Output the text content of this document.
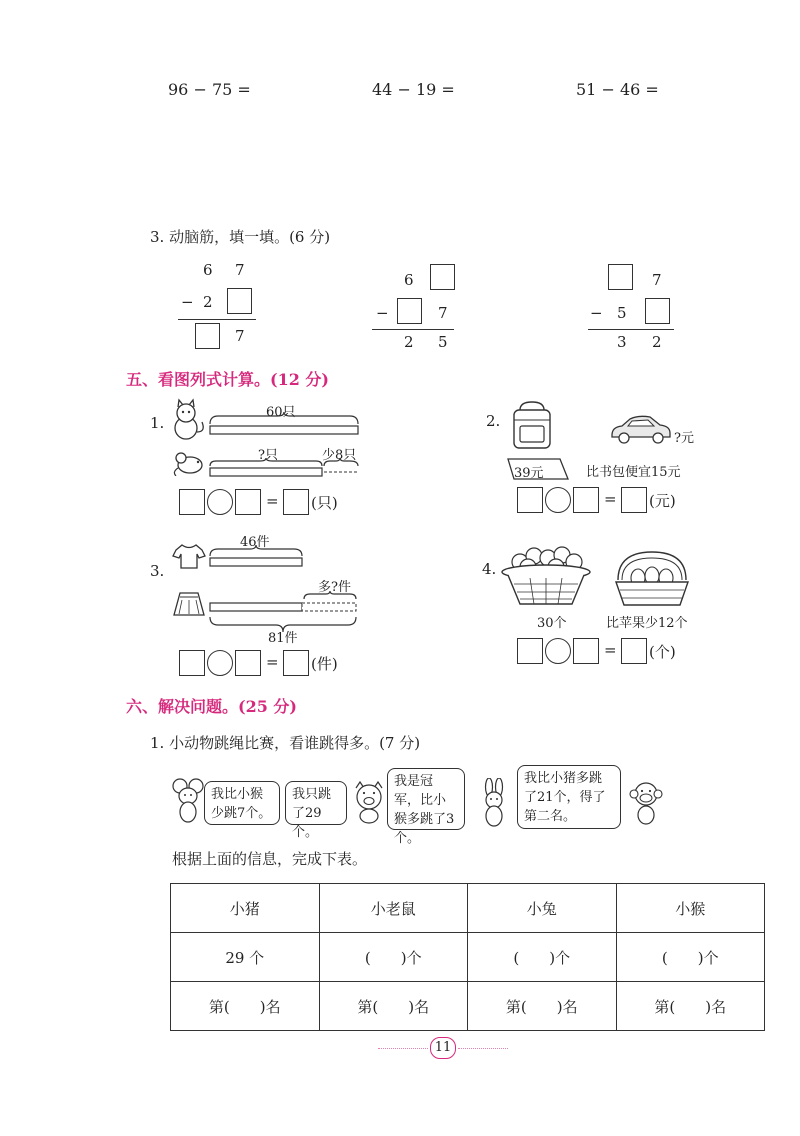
96 − 75 =	44 − 19 =	51 − 46 =
3. 动脑筋，填一填。(6 分)
6 7
− 2
7
6
−	7
2 5
7
− 5
3 2
五、看图列式计算。(12 分)
1.
60只
?只	少8只
= (只)
2.
39元
?元
比书包便宜15元
= (元)
3.
46件
多?件
81件
= (件)
4.
30个	比苹果少12个
= (个)
六、解决问题。(25 分)
1. 小动物跳绳比赛，看谁跳得多。(7 分)
我比小猴少跳7个。
我只跳了29个。
我是冠军，比小猴多跳了3个。
我比小猪多跳了21个，得了第二名。
根据上面的信息，完成下表。
小猪	小老鼠	小兔	小猴
29 个	(　　)个	(　　)个	(　　)个
第(　　)名	第(　　)名	第(　　)名	第(　　)名
11
